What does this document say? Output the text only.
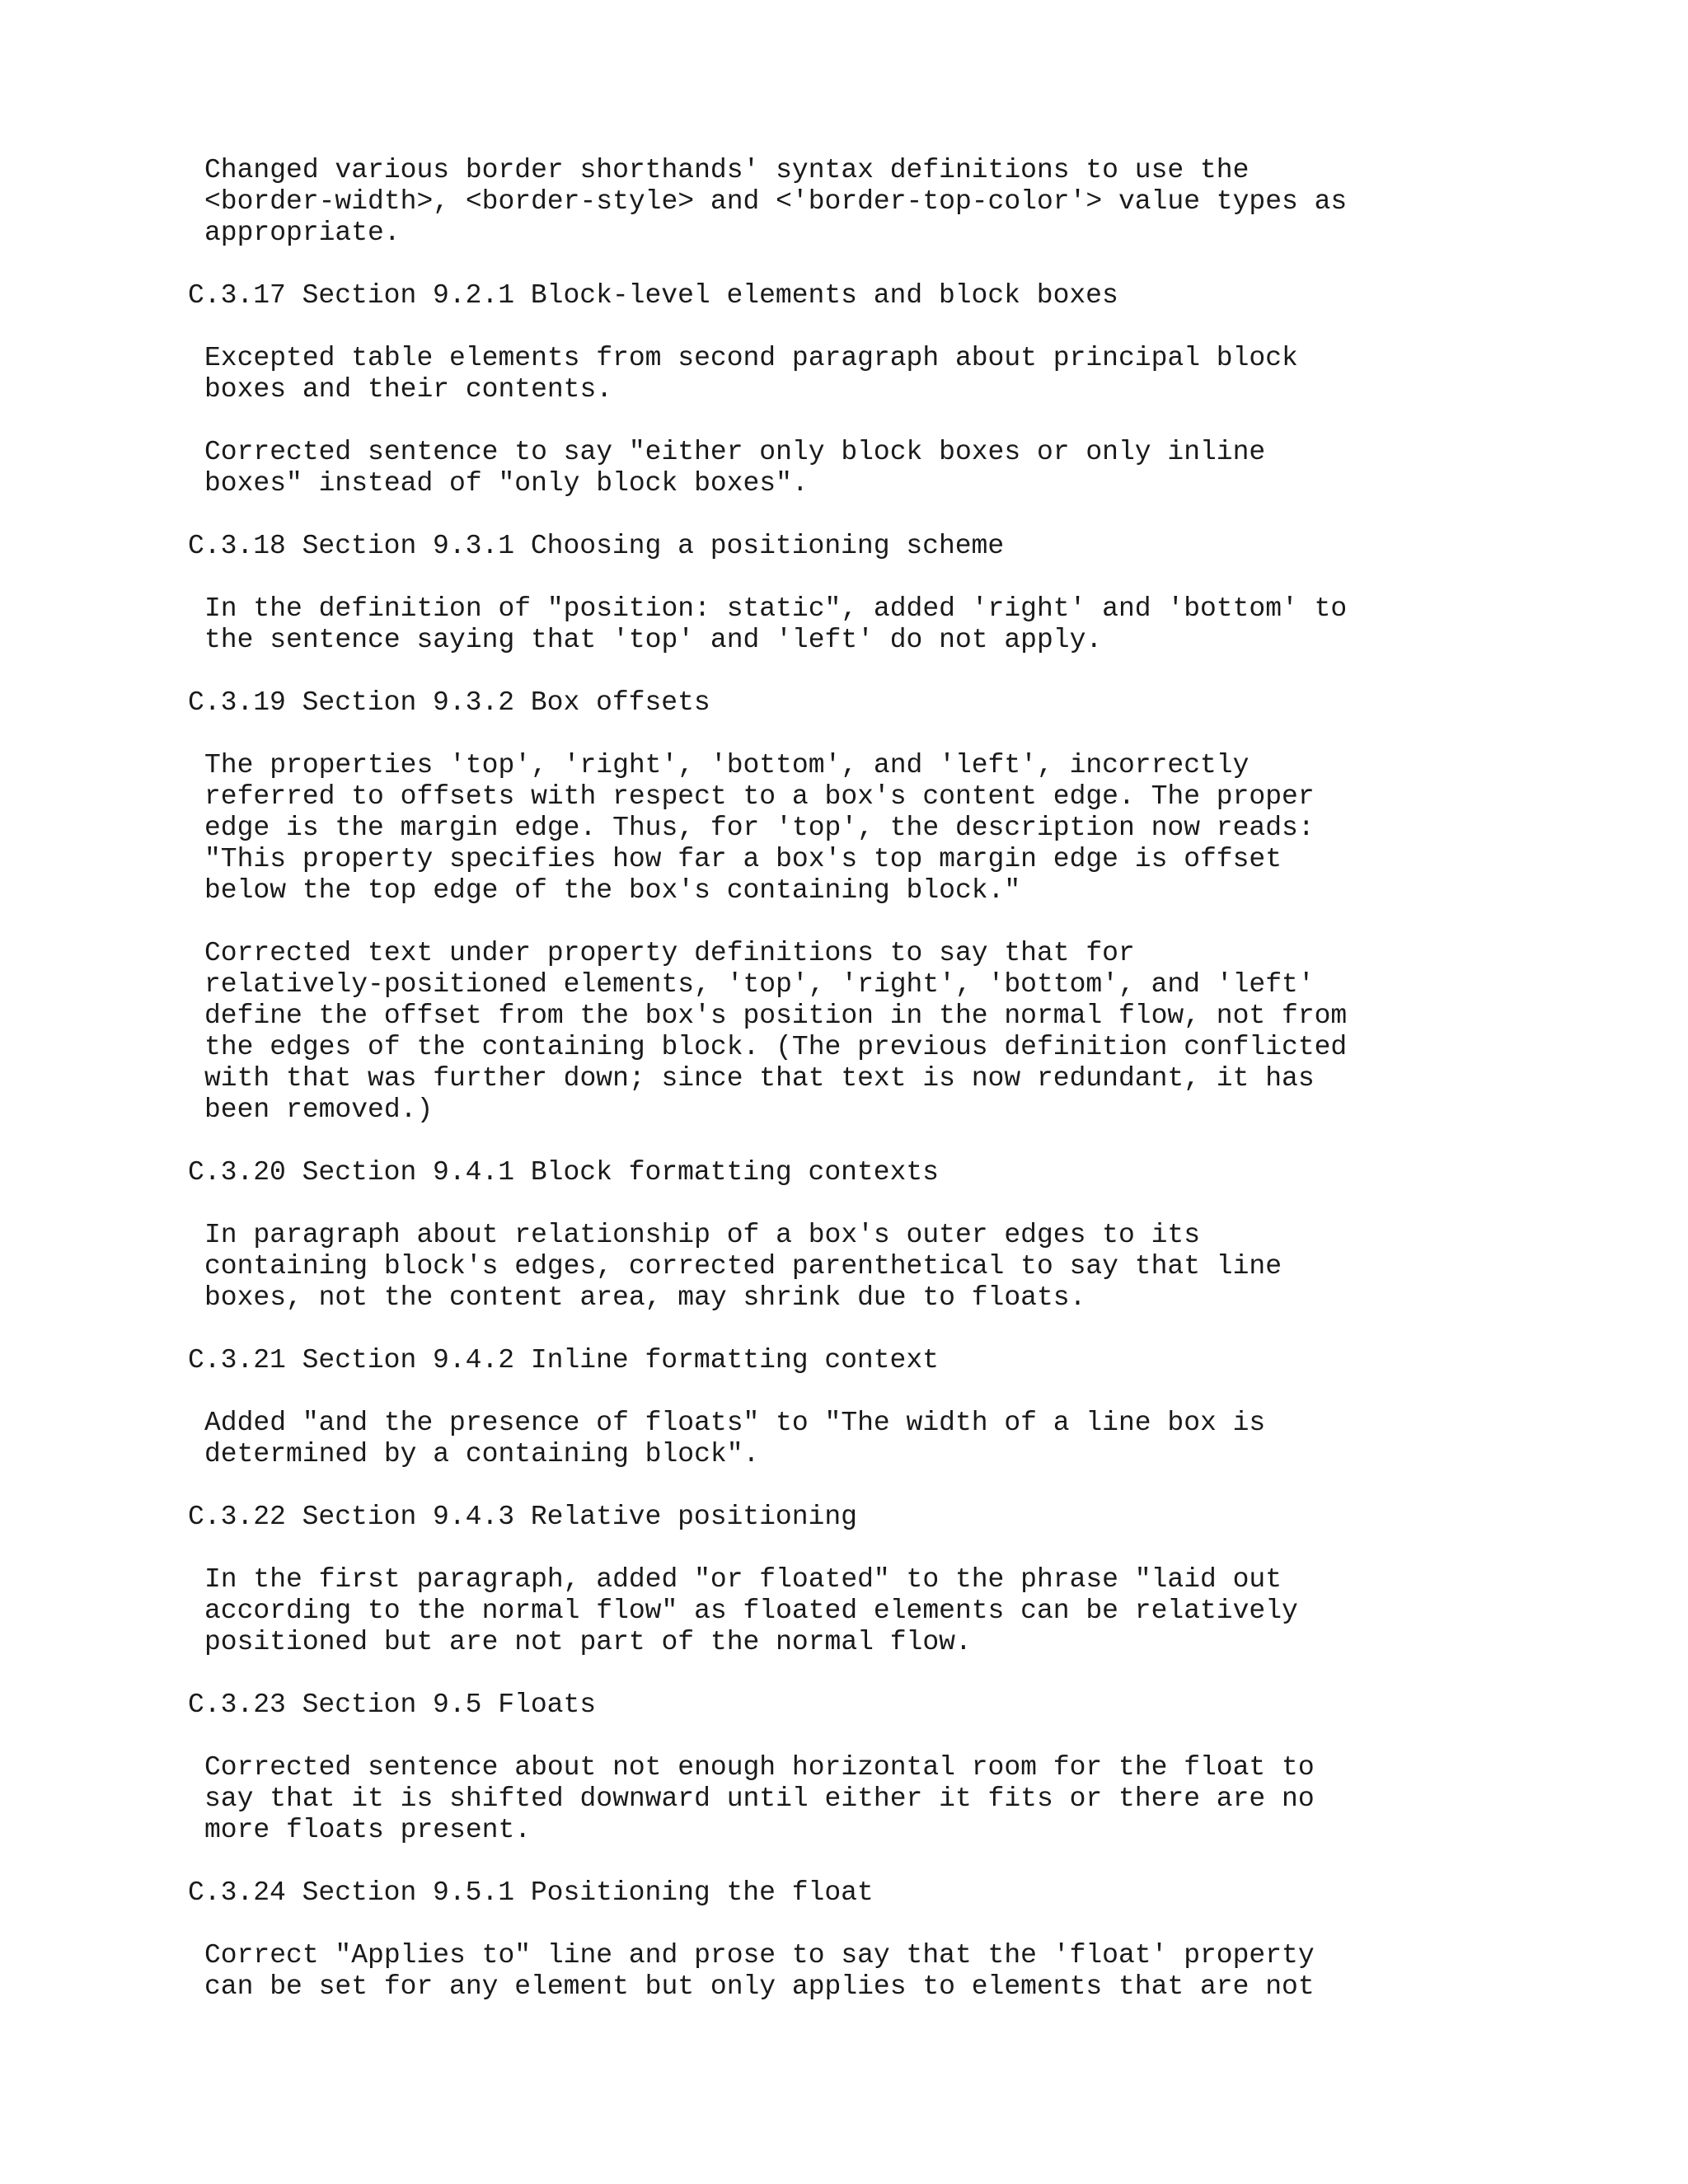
Changed various border shorthands' syntax definitions to use the
<border-width>, <border-style> and <'border-top-color'> value types as
appropriate.
C.3.17 Section 9.2.1 Block-level elements and block boxes
Excepted table elements from second paragraph about principal block
boxes and their contents.
Corrected sentence to say "either only block boxes or only inline
boxes" instead of "only block boxes".
C.3.18 Section 9.3.1 Choosing a positioning scheme
In the definition of "position: static", added 'right' and 'bottom' to
the sentence saying that 'top' and 'left' do not apply.
C.3.19 Section 9.3.2 Box offsets
The properties 'top', 'right', 'bottom', and 'left', incorrectly
referred to offsets with respect to a box's content edge. The proper
edge is the margin edge. Thus, for 'top', the description now reads:
"This property specifies how far a box's top margin edge is offset
below the top edge of the box's containing block."
Corrected text under property definitions to say that for
relatively-positioned elements, 'top', 'right', 'bottom', and 'left'
define the offset from the box's position in the normal flow, not from
the edges of the containing block. (The previous definition conflicted
with that was further down; since that text is now redundant, it has
been removed.)
C.3.20 Section 9.4.1 Block formatting contexts
In paragraph about relationship of a box's outer edges to its
containing block's edges, corrected parenthetical to say that line
boxes, not the content area, may shrink due to floats.
C.3.21 Section 9.4.2 Inline formatting context
Added "and the presence of floats" to "The width of a line box is
determined by a containing block".
C.3.22 Section 9.4.3 Relative positioning
In the first paragraph, added "or floated" to the phrase "laid out
according to the normal flow" as floated elements can be relatively
positioned but are not part of the normal flow.
C.3.23 Section 9.5 Floats
Corrected sentence about not enough horizontal room for the float to
say that it is shifted downward until either it fits or there are no
more floats present.
C.3.24 Section 9.5.1 Positioning the float
Correct "Applies to" line and prose to say that the 'float' property
can be set for any element but only applies to elements that are not
